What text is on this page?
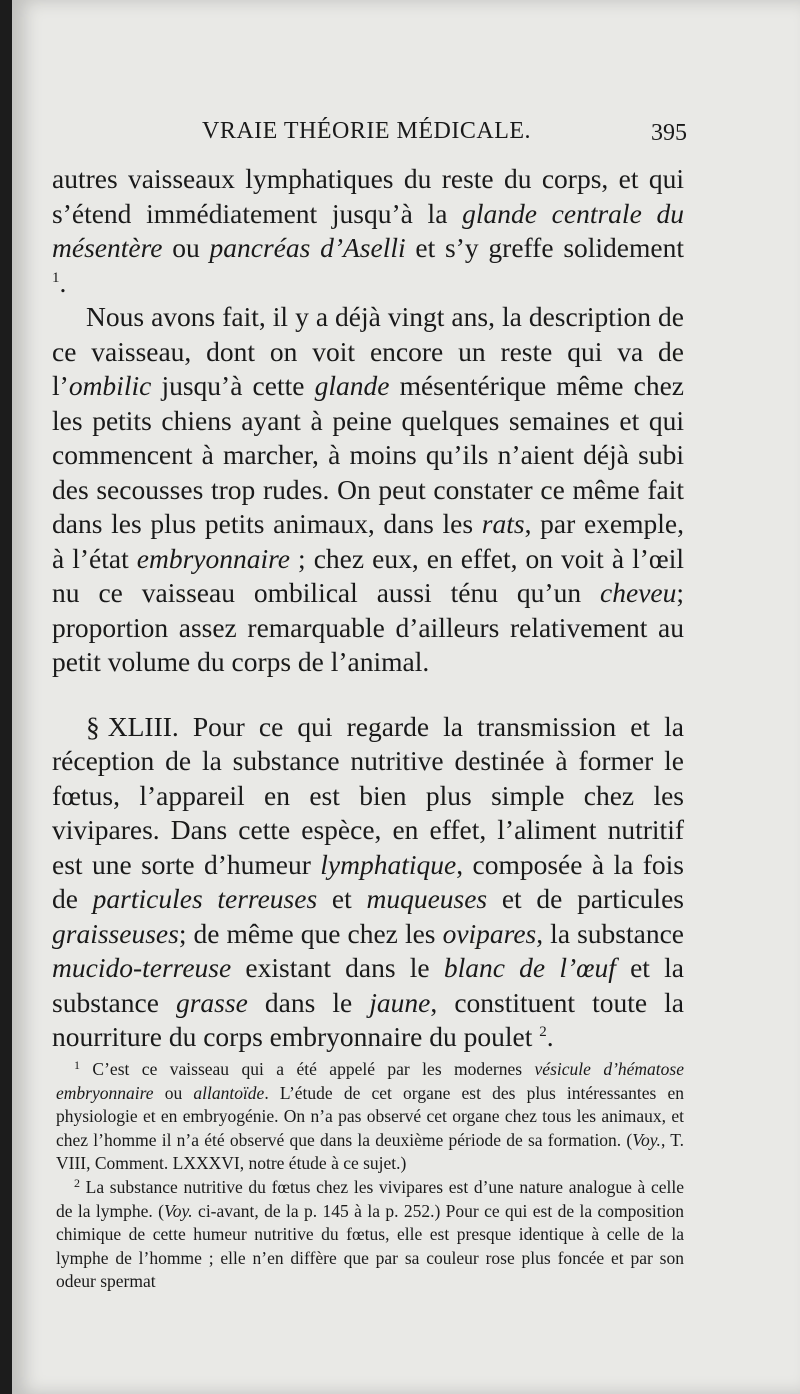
VRAIE THÉORIE MÉDICALE.	395

autres vaisseaux lymphatiques du reste du corps, et qui s’étend immédiatement jusqu’à la glande centrale du mésentère ou pancréas d’Aselli et s’y greffe solidement $^1$.

Nous avons fait, il y a déjà vingt ans, la description de ce vaisseau, dont on voit encore un reste qui va de l’ombilic jusqu’à cette glande mésentérique même chez les petits chiens ayant à peine quelques semaines et qui commencent à marcher, à moins qu’ils n’aient déjà subi des secousses trop rudes. On peut constater ce même fait dans les plus petits animaux, dans les rats, par exemple, à l’état embryonnaire ; chez eux, en effet, on voit à l’œil nu ce vaisseau ombilical aussi ténu qu’un cheveu; proportion assez remarquable d’ailleurs relativement au petit volume du corps de l’animal.

§ XLIII. Pour ce qui regarde la transmission et la réception de la substance nutritive destinée à former le fœtus, l’appareil en est bien plus simple chez les vivipares. Dans cette espèce, en effet, l’aliment nutritif est une sorte d’humeur lymphatique, composée à la fois de particules terreuses et muqueuses et de particules graisseuses; de même que chez les ovipares, la substance mucido-terreuse existant dans le blanc de l’œuf et la substance grasse dans le jaune, constituent toute la nourriture du corps embryonnaire du poulet $^2$.

$^1$ C’est ce vaisseau qui a été appelé par les modernes vésicule d’hématose embryonnaire ou allantoïde. L’étude de cet organe est des plus intéressantes en physiologie et en embryogénie. On n’a pas observé cet organe chez tous les animaux, et chez l’homme il n’a été observé que dans la deuxième période de sa formation. (Voy., T. VIII, Comment. LXXXVI, notre étude à ce sujet.)

$^2$ La substance nutritive du fœtus chez les vivipares est d’une nature analogue à celle de la lymphe. (Voy. ci-avant, de la p. 145 à la p. 252.) Pour ce qui est de la composition chimique de cette humeur nutritive du fœtus, elle est presque identique à celle de la lymphe de l’homme ; elle n’en diffère que par sa couleur rose plus foncée et par son odeur spermat
